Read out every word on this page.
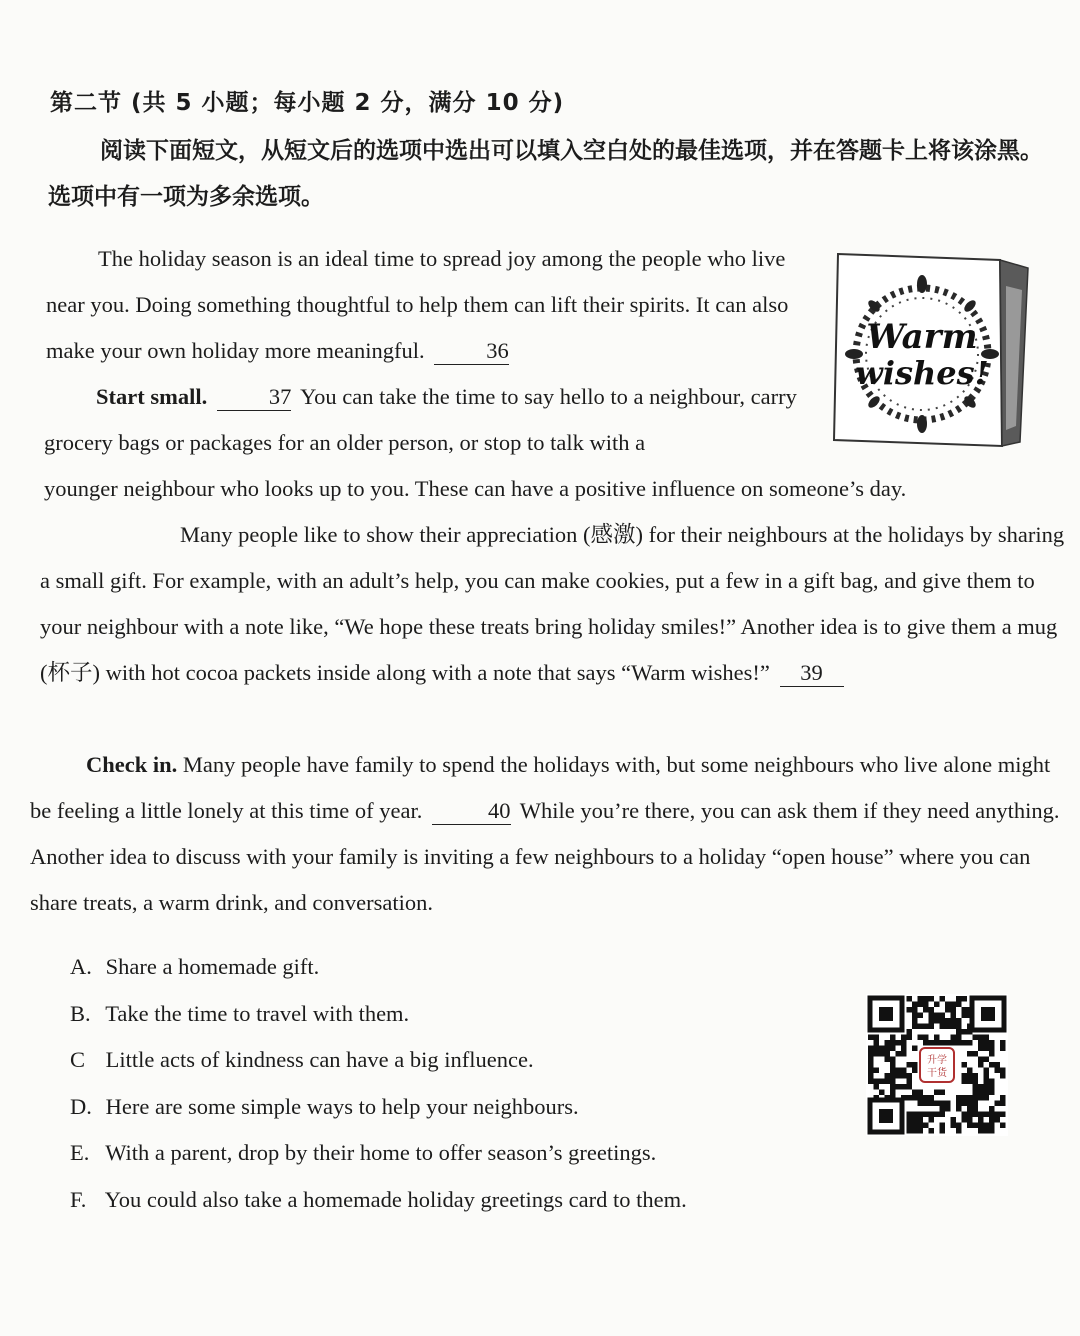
第二节 (共 5 小题；每小题 2 分，满分 10 分)
阅读下面短文，从短文后的选项中选出可以填入空白处的最佳选项，并在答题卡上将该涂黑。选项中有一项为多余选项。
The holiday season is an ideal time to spread joy among the people who live near you. Doing something thoughtful to help them can lift their spirits. It can also make your own holiday more meaningful.	36
Start small.	37 You can take the time to say hello to a neighbour, carry grocery bags or packages for an older person, or stop to talk with a
younger neighbour who looks up to you. These can have a positive influence on someone’s day.
Many people like to show their appreciation (感激) for their neighbours at the holidays by sharing a small gift. For example, with an adult’s help, you can make cookies, put a few in a gift bag, and give them to your neighbour with a note like, “We hope these treats bring holiday smiles!” Another idea is to give them a mug (杯子) with hot cocoa packets inside along with a note that says “Warm wishes!” 39
Check in. Many people have family to spend the holidays with, but some neighbours who live alone might be feeling a little lonely at this time of year.	40 While you’re there, you can ask them if they need anything. Another idea to discuss with your family is inviting a few neighbours to a holiday “open house” where you can share treats, a warm drink, and conversation.
Warm
wishes!
A. Share a homemade gift.
B. Take the time to travel with them.
C Little acts of kindness can have a big influence.
D. Here are some simple ways to help your neighbours.
E. With a parent, drop by their home to offer season’s greetings.
F. You could also take a homemade holiday greetings card to them.
升学
干货
